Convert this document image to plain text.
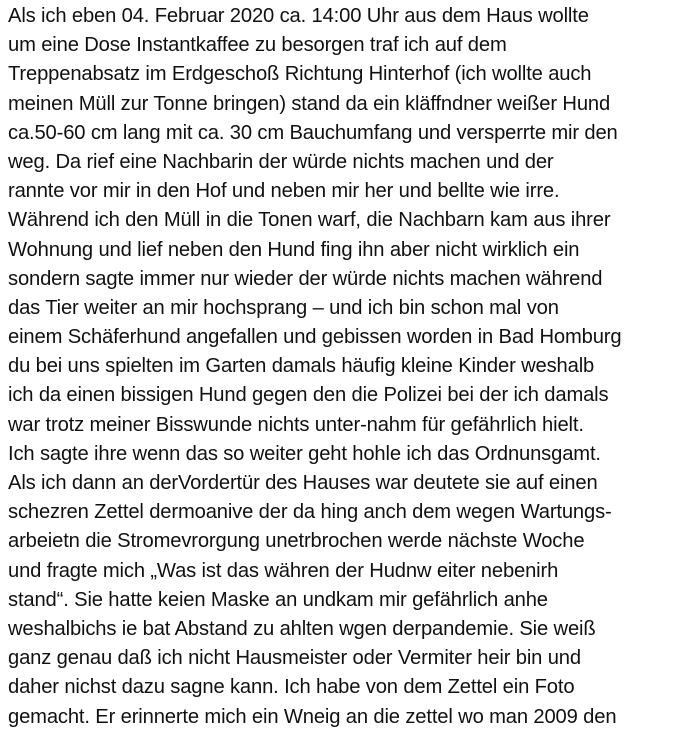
Als ich eben 04. Februar 2020 ca. 14:00 Uhr aus dem Haus wollte
um eine Dose Instantkaffee zu besorgen traf ich auf dem
Treppenabsatz im Erdgeschoß Richtung Hinterhof (ich wollte auch
meinen Müll zur Tonne bringen) stand da ein kläffndner weißer Hund
ca.50-60 cm lang mit ca. 30 cm Bauchumfang und versperrte mir den
weg. Da rief eine Nachbarin der würde nichts machen und der
rannte vor mir in den Hof und neben mir her und bellte wie irre.
Während ich den Müll in die Tonen warf, die Nachbarn kam aus ihrer
Wohnung und lief neben den Hund fing ihn aber nicht wirklich ein
sondern sagte immer nur wieder der würde nichts machen während
das Tier weiter an mir hochsprang – und ich bin schon mal von
einem Schäferhund angefallen und gebissen worden in Bad Homburg
du bei uns spielten im Garten damals häufig kleine Kinder weshalb
ich da einen bissigen Hund gegen den die Polizei bei der ich damals
war trotz meiner Bisswunde nichts unter-nahm für gefährlich hielt.
Ich sagte ihre wenn das so weiter geht hohle ich das Ordnunsgamt.
Als ich dann an derVordertür des Hauses war deutete sie auf einen
schezren Zettel dermoanive der da hing anch dem wegen Wartungs-
arbeietn die Stromevrorgung unetrbrochen werde nächste Woche
und fragte mich „Was ist das währen der Hudnw eiter nebenirh
stand“. Sie hatte keien Maske an undkam mir gefährlich anhe
weshalbichs ie bat Abstand zu ahlten wgen derpandemie. Sie weiß
ganz genau daß ich nicht Hausmeister oder Vermiter heir bin und
daher nichst dazu sagne kann. Ich habe von dem Zettel ein Foto
gemacht. Er erinnerte mich ein Wneig an die zettel wo man 2009 den
